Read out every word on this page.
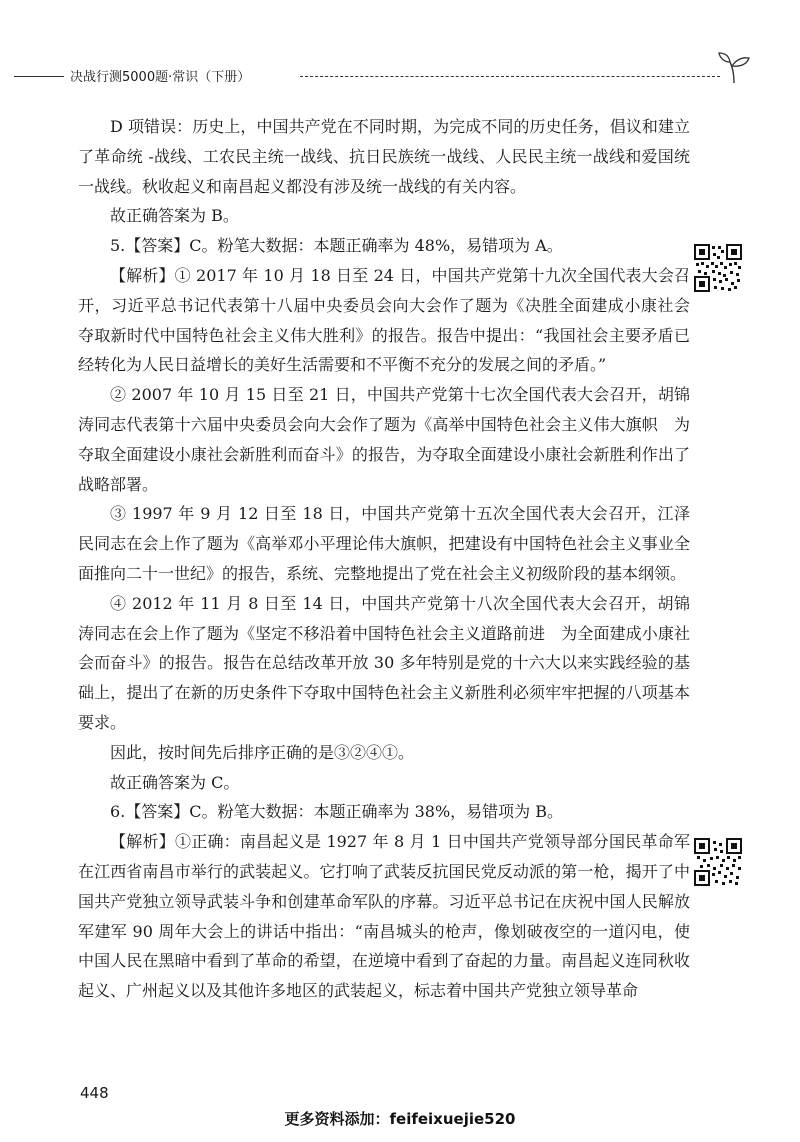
决战行测5000题·常识（下册）

D 项错误：历史上，中国共产党在不同时期，为完成不同的历史任务，倡议和建立了革命统 -战线、工农民主统一战线、抗日民族统一战线、人民民主统一战线和爱国统一战线。秋收起义和南昌起义都没有涉及统一战线的有关内容。

故正确答案为 B。

5.【答案】C。粉笔大数据：本题正确率为 48%，易错项为 A。

【解析】① 2017 年 10 月 18 日至 24 日，中国共产党第十九次全国代表大会召开，习近平总书记代表第十八届中央委员会向大会作了题为《决胜全面建成小康社会　夺取新时代中国特色社会主义伟大胜利》的报告。报告中提出：“我国社会主要矛盾已经转化为人民日益增长的美好生活需要和不平衡不充分的发展之间的矛盾。”

② 2007 年 10 月 15 日至 21 日，中国共产党第十七次全国代表大会召开，胡锦涛同志代表第十六届中央委员会向大会作了题为《高举中国特色社会主义伟大旗帜　为夺取全面建设小康社会新胜利而奋斗》的报告，为夺取全面建设小康社会新胜利作出了战略部署。

③ 1997 年 9 月 12 日至 18 日，中国共产党第十五次全国代表大会召开，江泽民同志在会上作了题为《高举邓小平理论伟大旗帜，把建设有中国特色社会主义事业全面推向二十一世纪》的报告，系统、完整地提出了党在社会主义初级阶段的基本纲领。

④ 2012 年 11 月 8 日至 14 日，中国共产党第十八次全国代表大会召开，胡锦涛同志在会上作了题为《坚定不移沿着中国特色社会主义道路前进　为全面建成小康社会而奋斗》的报告。报告在总结改革开放 30 多年特别是党的十六大以来实践经验的基础上，提出了在新的历史条件下夺取中国特色社会主义新胜利必须牢牢把握的八项基本要求。

因此，按时间先后排序正确的是③②④①。

故正确答案为 C。

6.【答案】C。粉笔大数据：本题正确率为 38%，易错项为 B。

【解析】①正确：南昌起义是 1927 年 8 月 1 日中国共产党领导部分国民革命军在江西省南昌市举行的武装起义。它打响了武装反抗国民党反动派的第一枪，揭开了中国共产党独立领导武装斗争和创建革命军队的序幕。习近平总书记在庆祝中国人民解放军建军 90 周年大会上的讲话中指出：“南昌城头的枪声，像划破夜空的一道闪电，使中国人民在黑暗中看到了革命的希望，在逆境中看到了奋起的力量。南昌起义连同秋收起义、广州起义以及其他许多地区的武装起义，标志着中国共产党独立领导革命

448
更多资料添加：feifeixuejie520
